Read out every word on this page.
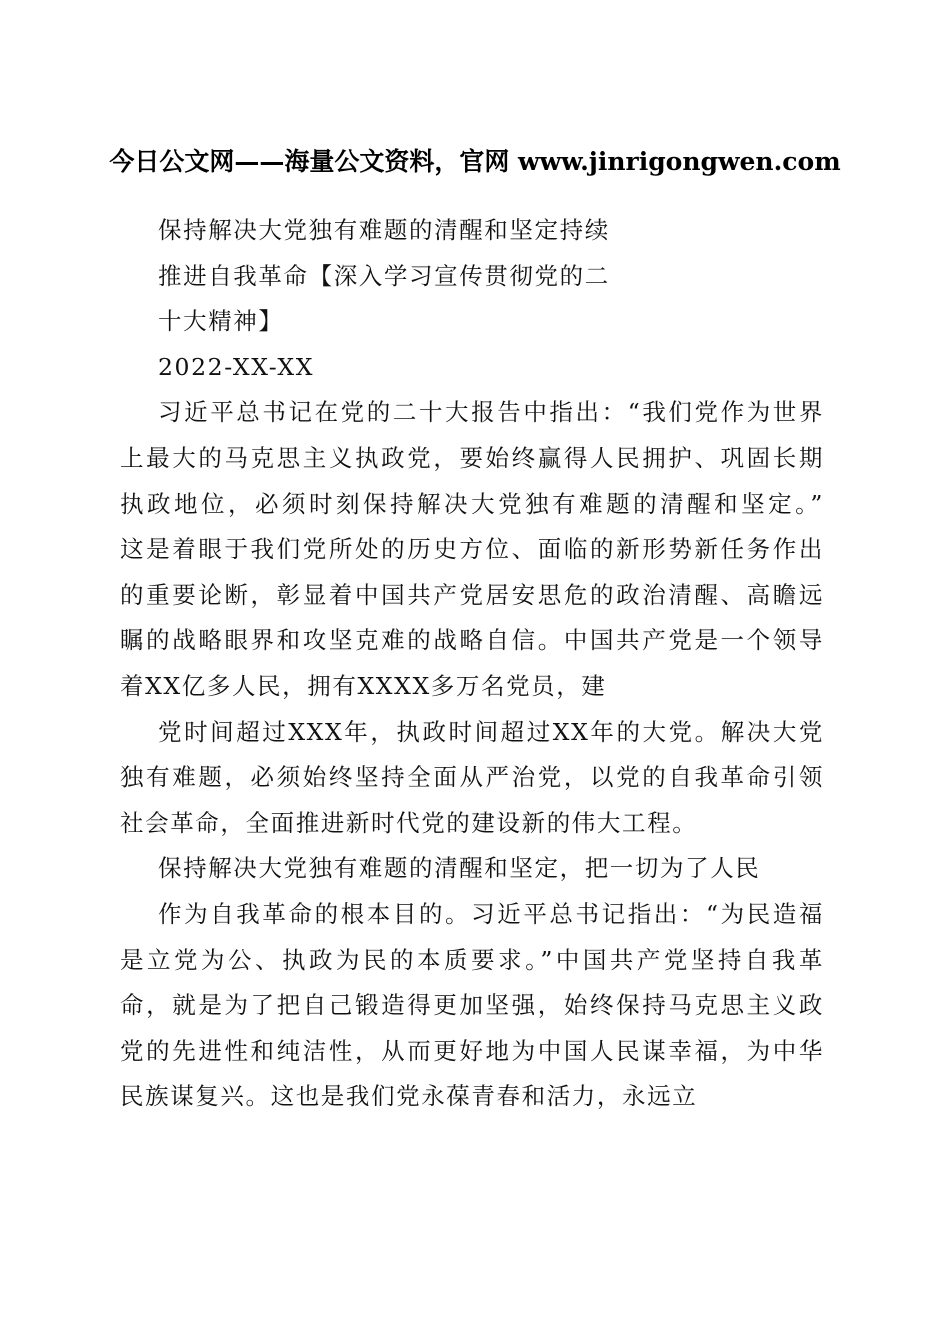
今日公文网——海量公文资料，官网 www.jinrigongwen.com
保持解决大党独有难题的清醒和坚定持续
推进自我革命【深入学习宣传贯彻党的二
十大精神】
2022-XX-XX
习近平总书记在党的二十大报告中指出：“我们党作为世界
上最大的马克思主义执政党，要始终赢得人民拥护、巩固长期
执政地位，必须时刻保持解决大党独有难题的清醒和坚定。”
这是着眼于我们党所处的历史方位、面临的新形势新任务作出
的重要论断，彰显着中国共产党居安思危的政治清醒、高瞻远
瞩的战略眼界和攻坚克难的战略自信。中国共产党是一个领导
着XX亿多人民，拥有XXXX多万名党员，建
党时间超过XXX年，执政时间超过XX年的大党。解决大党
独有难题，必须始终坚持全面从严治党，以党的自我革命引领
社会革命，全面推进新时代党的建设新的伟大工程。
保持解决大党独有难题的清醒和坚定，把一切为了人民
作为自我革命的根本目的。习近平总书记指出：“为民造福
是立党为公、执政为民的本质要求。”中国共产党坚持自我革
命，就是为了把自己锻造得更加坚强，始终保持马克思主义政
党的先进性和纯洁性，从而更好地为中国人民谋幸福，为中华
民族谋复兴。这也是我们党永葆青春和活力，永远立
